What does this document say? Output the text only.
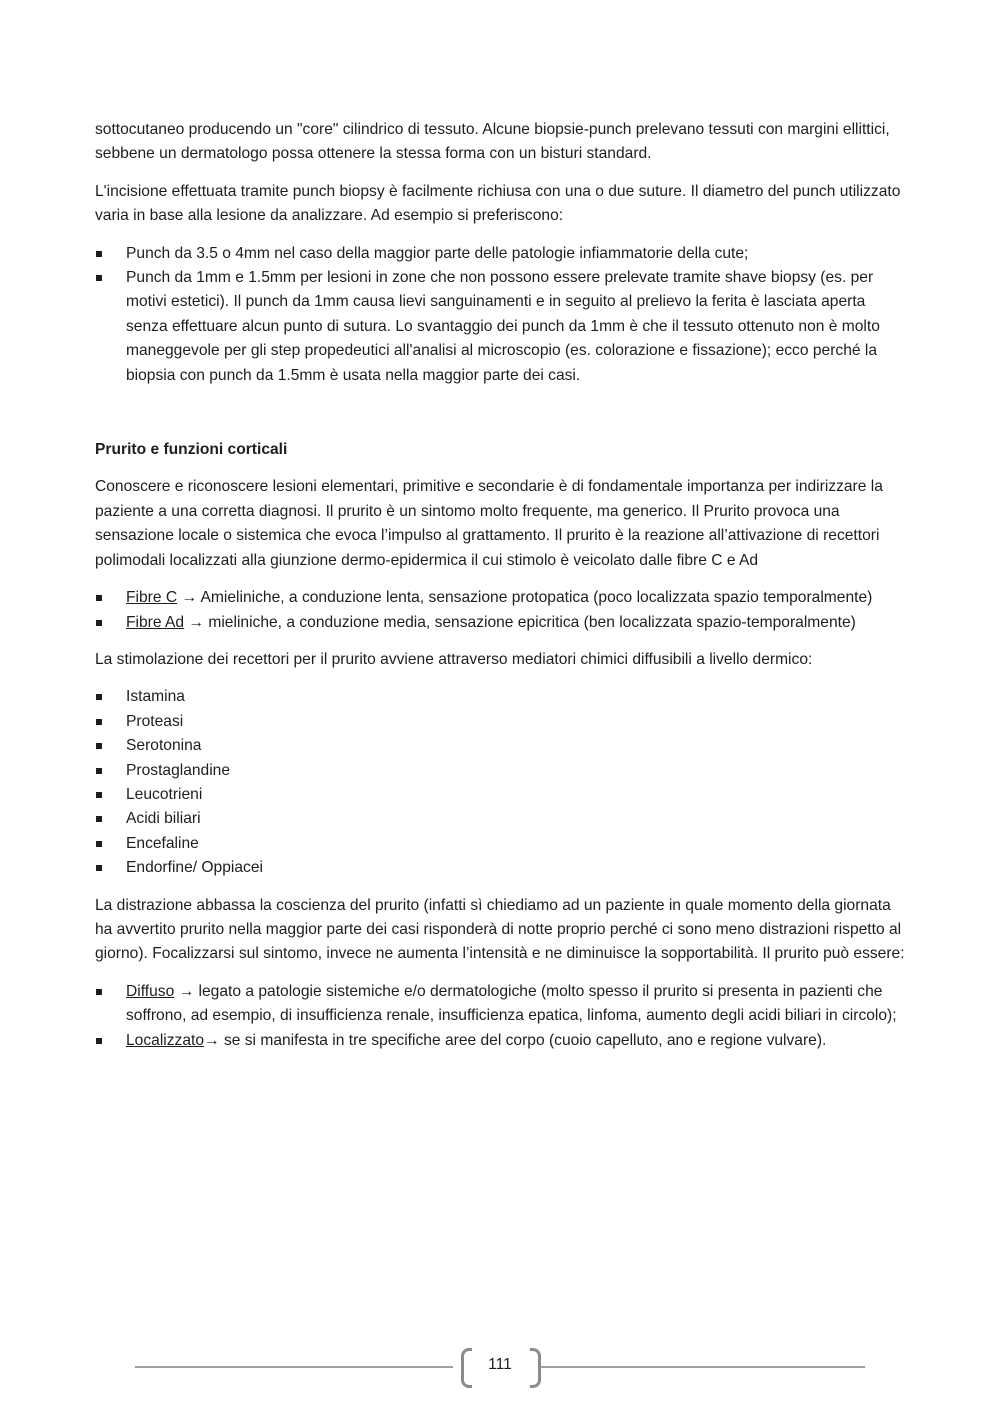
sottocutaneo producendo un "core" cilindrico di tessuto. Alcune biopsie-punch prelevano tessuti con margini ellittici, sebbene un dermatologo possa ottenere la stessa forma con un bisturi standard.

L'incisione effettuata tramite punch biopsy è facilmente richiusa con una o due suture. Il diametro del punch utilizzato varia in base alla lesione da analizzare. Ad esempio si preferiscono:

Punch da 3.5 o 4mm nel caso della maggior parte delle patologie infiammatorie della cute;
Punch da 1mm e 1.5mm per lesioni in zone che non possono essere prelevate tramite shave biopsy (es. per motivi estetici). Il punch da 1mm causa lievi sanguinamenti e in seguito al prelievo la ferita è lasciata aperta senza effettuare alcun punto di sutura. Lo svantaggio dei punch da 1mm è che il tessuto ottenuto non è molto maneggevole per gli step propedeutici all'analisi al microscopio (es. colorazione e fissazione); ecco perché la biopsia con punch da 1.5mm è usata nella maggior parte dei casi.

Prurito e funzioni corticali

Conoscere e riconoscere lesioni elementari, primitive e secondarie è di fondamentale importanza per indirizzare la paziente a una corretta diagnosi. Il prurito è un sintomo molto frequente, ma generico. Il Prurito provoca una sensazione locale o sistemica che evoca l’impulso al grattamento. Il prurito è la reazione all’attivazione di recettori polimodali localizzati alla giunzione dermo-epidermica il cui stimolo è veicolato dalle fibre C e Ad

Fibre C → Amieliniche, a conduzione lenta, sensazione protopatica (poco localizzata spazio temporalmente)
Fibre Ad → mieliniche, a conduzione media, sensazione epicritica (ben localizzata spazio-temporalmente)

La stimolazione dei recettori per il prurito avviene attraverso mediatori chimici diffusibili a livello dermico:

Istamina
Proteasi
Serotonina
Prostaglandine
Leucotrieni
Acidi biliari
Encefaline
Endorfine/ Oppiacei

La distrazione abbassa la coscienza del prurito (infatti sì chiediamo ad un paziente in quale momento della giornata ha avvertito prurito nella maggior parte dei casi risponderà di notte proprio perché ci sono meno distrazioni rispetto al giorno). Focalizzarsi sul sintomo, invece ne aumenta l’intensità e ne diminuisce la sopportabilità. Il prurito può essere:

Diffuso → legato a patologie sistemiche e/o dermatologiche (molto spesso il prurito si presenta in pazienti che soffrono, ad esempio, di insufficienza renale, insufficienza epatica, linfoma, aumento degli acidi biliari in circolo);
Localizzato→ se si manifesta in tre specifiche aree del corpo (cuoio capelluto, ano e regione vulvare).
111
